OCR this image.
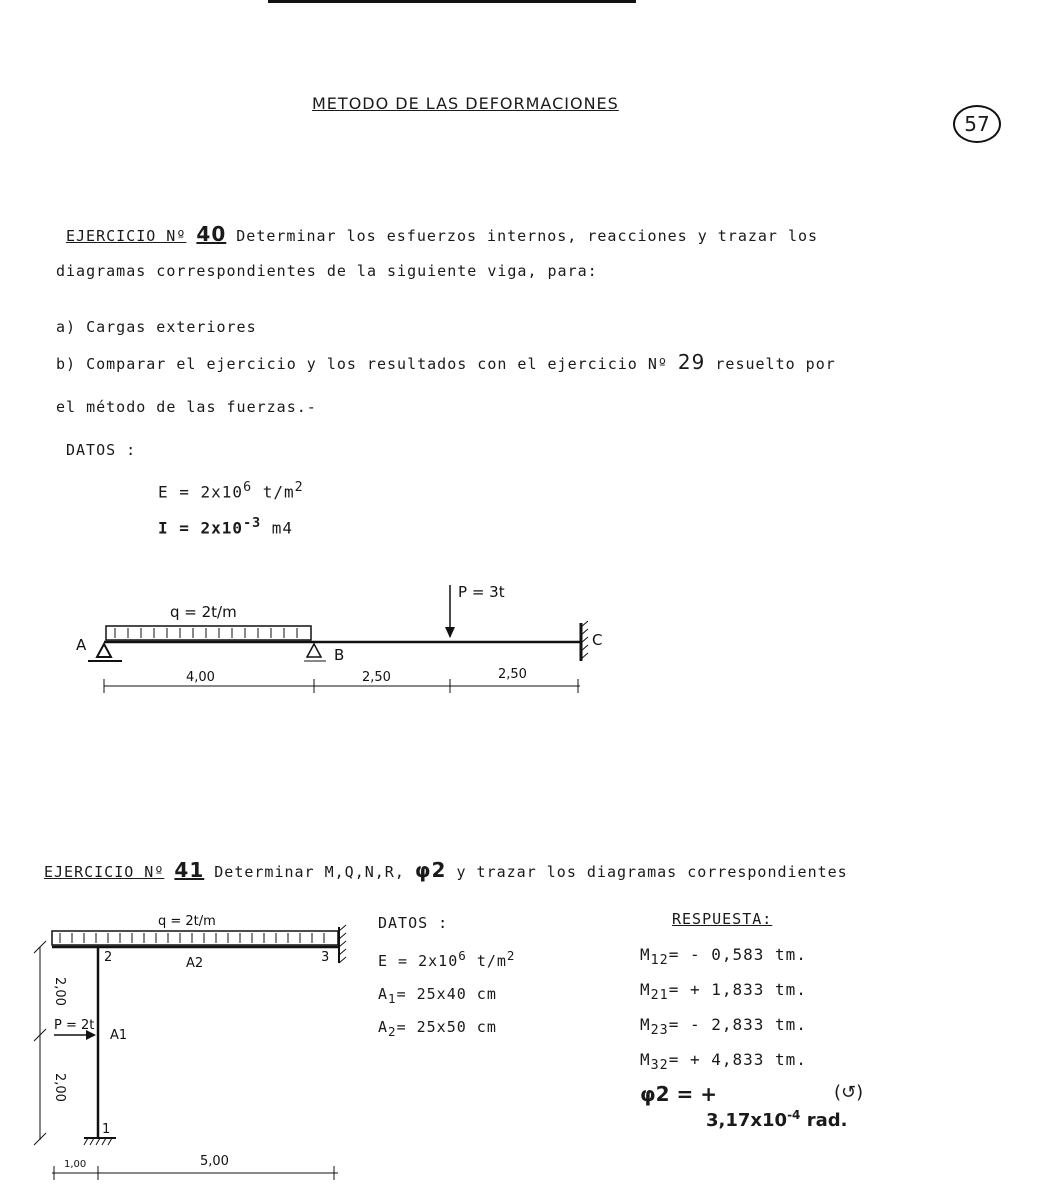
METODO DE LAS DEFORMACIONES
57
EJERCICIO Nº 40 Determinar los esfuerzos internos, reacciones y trazar los
diagramas correspondientes de la siguiente viga, para:
a) Cargas exteriores
b) Comparar el ejercicio y los resultados con el ejercicio Nº 29 resuelto por
el método de las fuerzas.-
DATOS :
$E = 2x10^6$ $t/m^2$
$I = 2x10^{-3}$ m4
q = 2t/m
P = 3t
A
B
C
4,00	2,50	2,50
EJERCICIO Nº 41 Determinar M,Q,N,R, φ2 y trazar los diagramas correspondientes
q = 2t/m
3
2	A2
A1
1
P = 2t
2,00
2,00
1,00	5,00
DATOS :
$E = 2x10^6$ $t/m^2$
$A_1= 25x40$ cm
$A_2= 25x50$ cm
RESPUESTA:
$M_{12}= - 0,583$ tm.
$M_{21}= + 1,833$ tm.
$M_{23}= - 2,833$ tm.
$M_{32}= + 4,833$ tm.
φ2 = +	(↺)
$3,17x10^{-4}$ rad.
